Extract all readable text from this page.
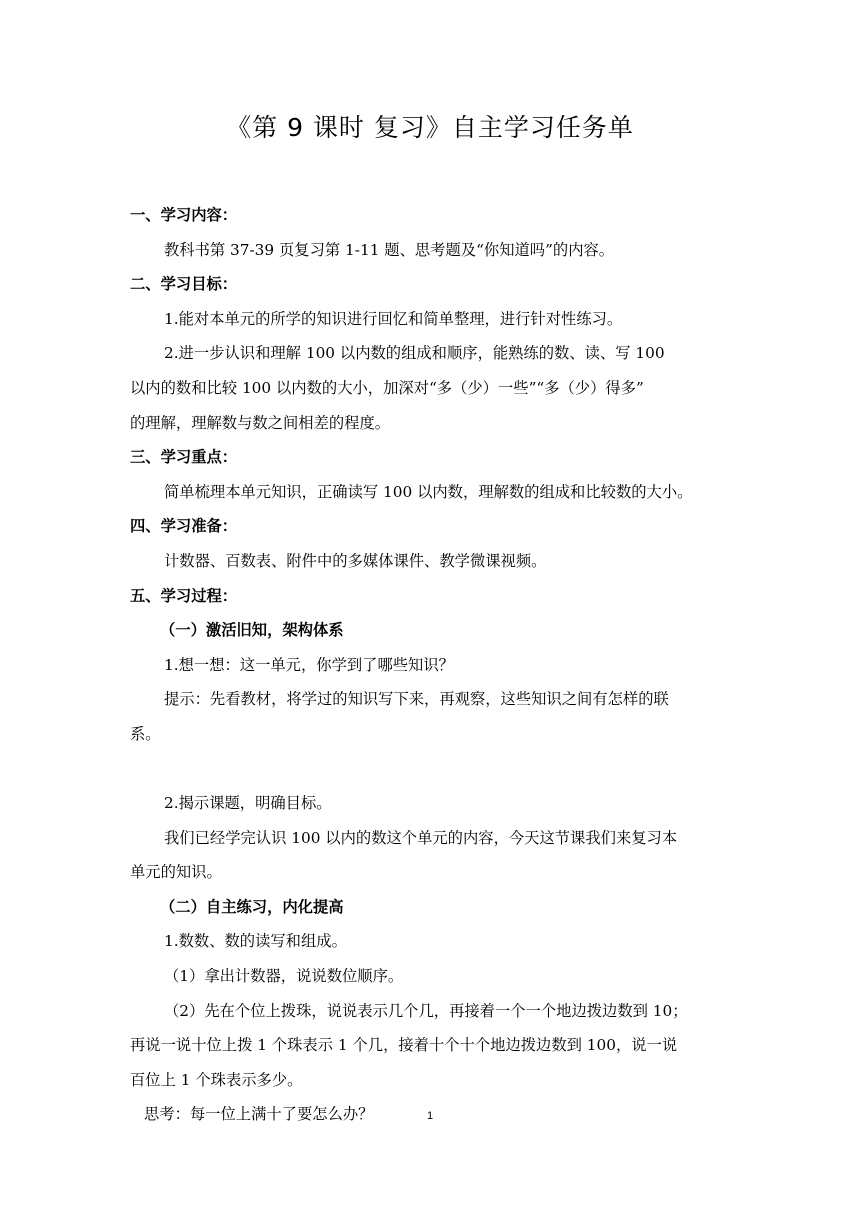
《第 9 课时 复习》自主学习任务单
一、学习内容：
教科书第 37-39 页复习第 1-11 题、思考题及“你知道吗”的内容。
二、学习目标：
1.能对本单元的所学的知识进行回忆和简单整理，进行针对性练习。
2.进一步认识和理解 100 以内数的组成和顺序，能熟练的数、读、写 100
以内的数和比较 100 以内数的大小，加深对“多（少）一些”“多（少）得多”
的理解，理解数与数之间相差的程度。
三、学习重点：
简单梳理本单元知识，正确读写 100 以内数，理解数的组成和比较数的大小。
四、学习准备：
计数器、百数表、附件中的多媒体课件、教学微课视频。
五、学习过程：
（一）激活旧知，架构体系
1.想一想：这一单元，你学到了哪些知识？
提示：先看教材，将学过的知识写下来，再观察，这些知识之间有怎样的联
系。
2.揭示课题，明确目标。
我们已经学完认识 100 以内的数这个单元的内容，今天这节课我们来复习本
单元的知识。
（二）自主练习，内化提高
1.数数、数的读写和组成。
（1）拿出计数器，说说数位顺序。
（2）先在个位上拨珠，说说表示几个几，再接着一个一个地边拨边数到 10；
再说一说十位上拨 1 个珠表示 1 个几，接着十个十个地边拨边数到 100，说一说
百位上 1 个珠表示多少。
思考：每一位上满十了要怎么办？	1
